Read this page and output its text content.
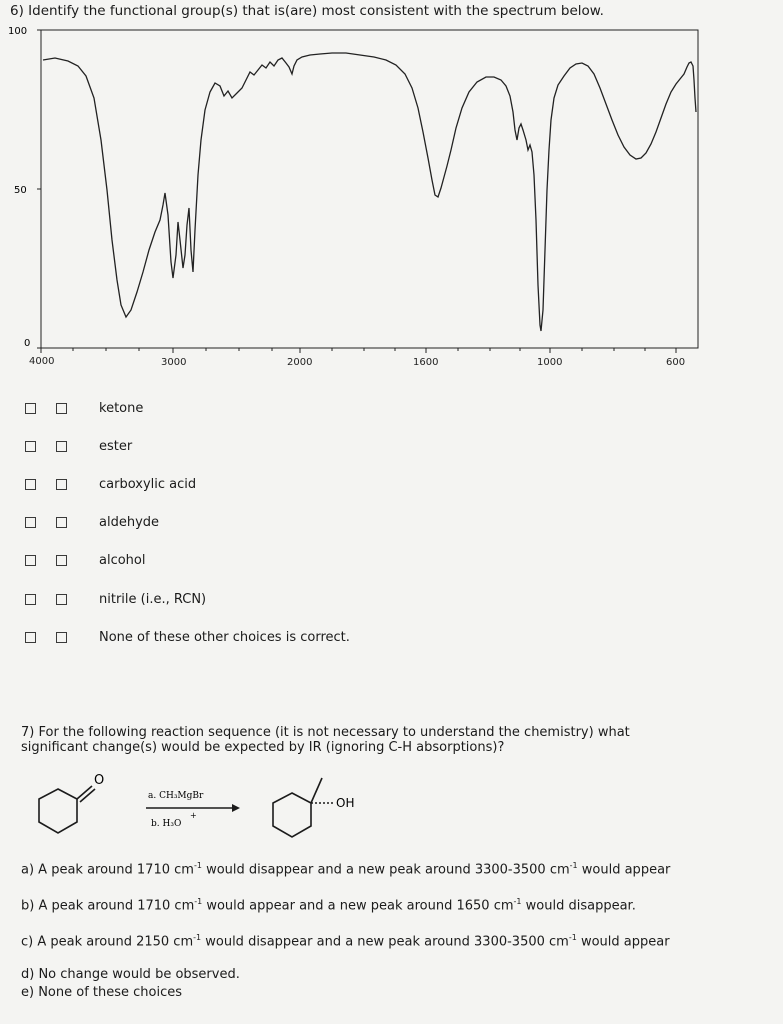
6) Identify the functional group(s) that is(are) most consistent with the spectrum below.
100
50
0
4000	3000	2000	1600	1000	600
ketone
ester
carboxylic acid
aldehyde
alcohol
nitrile (i.e., RCN)
None of these other choices is correct.
7) For the following reaction sequence (it is not necessary to understand the chemistry) what
significant change(s) would be expected by IR (ignoring C-H absorptions)?
O
a. CH₃MgBr
b. H₃O
+
OH
a) A peak around 1710 $cm^{-1}$ would disappear and a new peak around 3300-3500 $cm^{-1}$ would appear
b) A peak around 1710 $cm^{-1}$ would appear and a new peak around 1650 $cm^{-1}$ would disappear.
c) A peak around 2150 $cm^{-1}$ would disappear and a new peak around 3300-3500 $cm^{-1}$ would appear
d) No change would be observed.
e) None of these choices
